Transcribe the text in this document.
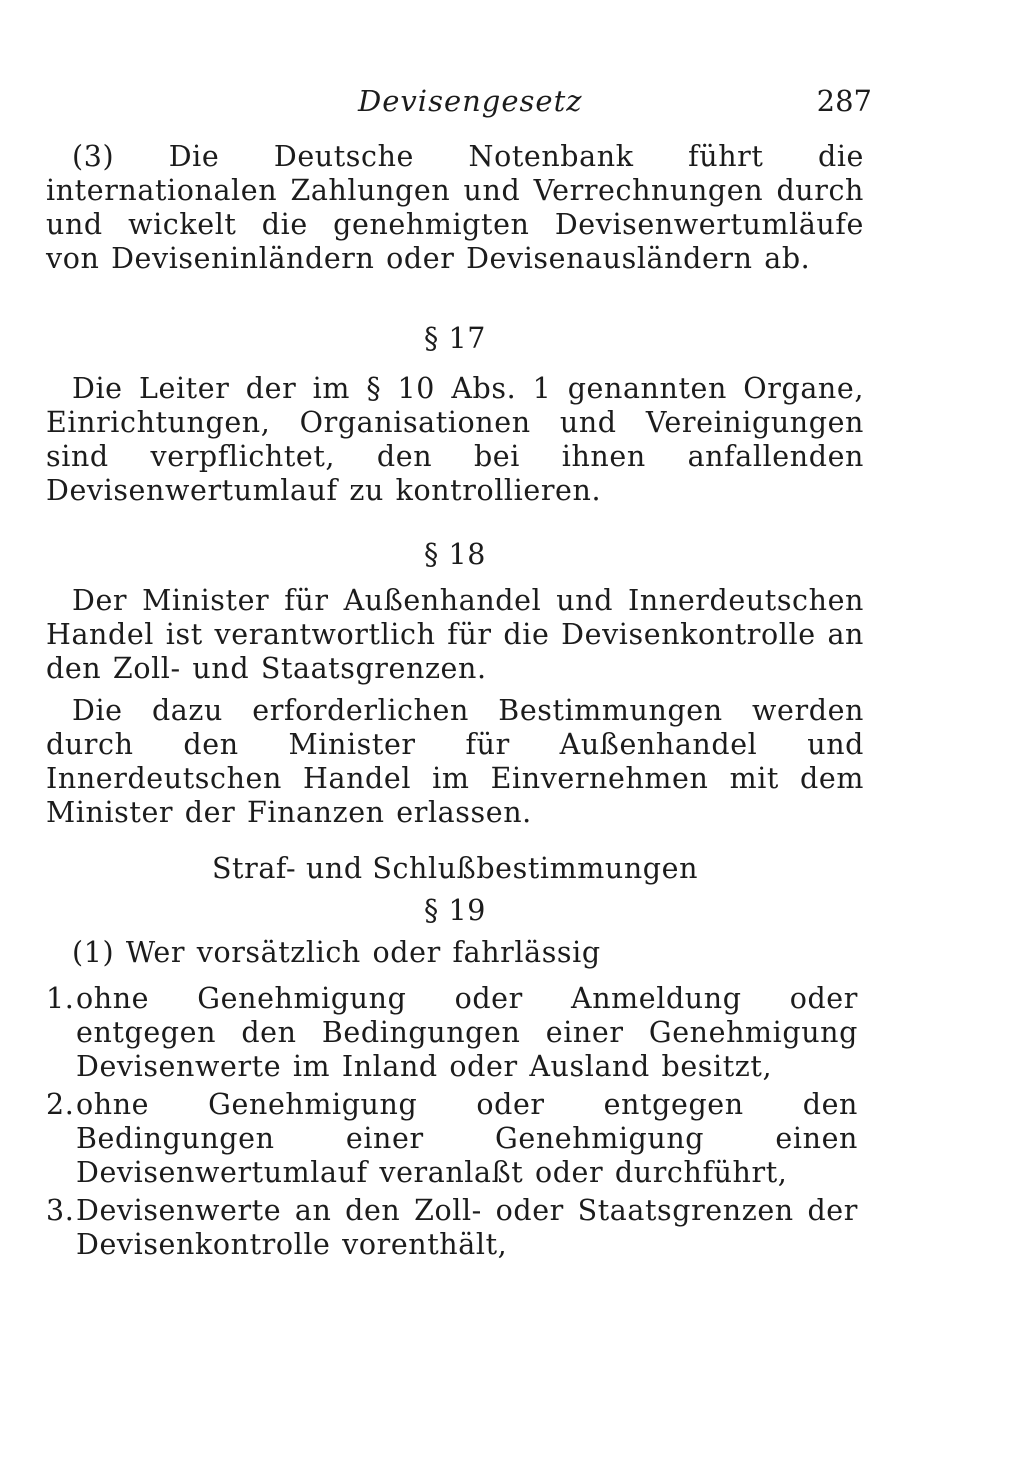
Devisengesetz	287

(3) Die Deutsche Notenbank führt die internationalen Zahlungen und Verrechnungen durch und wickelt die genehmigten Devisenwertumläufe von Deviseninländern oder Devisenausländern ab.

§ 17

Die Leiter der im § 10 Abs. 1 genannten Organe, Einrichtungen, Organisationen und Vereinigungen sind verpflichtet, den bei ihnen anfallenden Devisenwertumlauf zu kontrollieren.

§ 18

Der Minister für Außenhandel und Innerdeutschen Handel ist verantwortlich für die Devisenkontrolle an den Zoll- und Staatsgrenzen.

Die dazu erforderlichen Bestimmungen werden durch den Minister für Außenhandel und Innerdeutschen Handel im Einvernehmen mit dem Minister der Finanzen erlassen.

Straf- und Schlußbestimmungen
§ 19

(1) Wer vorsätzlich oder fahrlässig

1. ohne Genehmigung oder Anmeldung oder entgegen den Bedingungen einer Genehmigung Devisenwerte im Inland oder Ausland besitzt,
2. ohne Genehmigung oder entgegen den Bedingungen einer Genehmigung einen Devisenwertumlauf veranlaßt oder durchführt,
3. Devisenwerte an den Zoll- oder Staatsgrenzen der Devisenkontrolle vorenthält,
